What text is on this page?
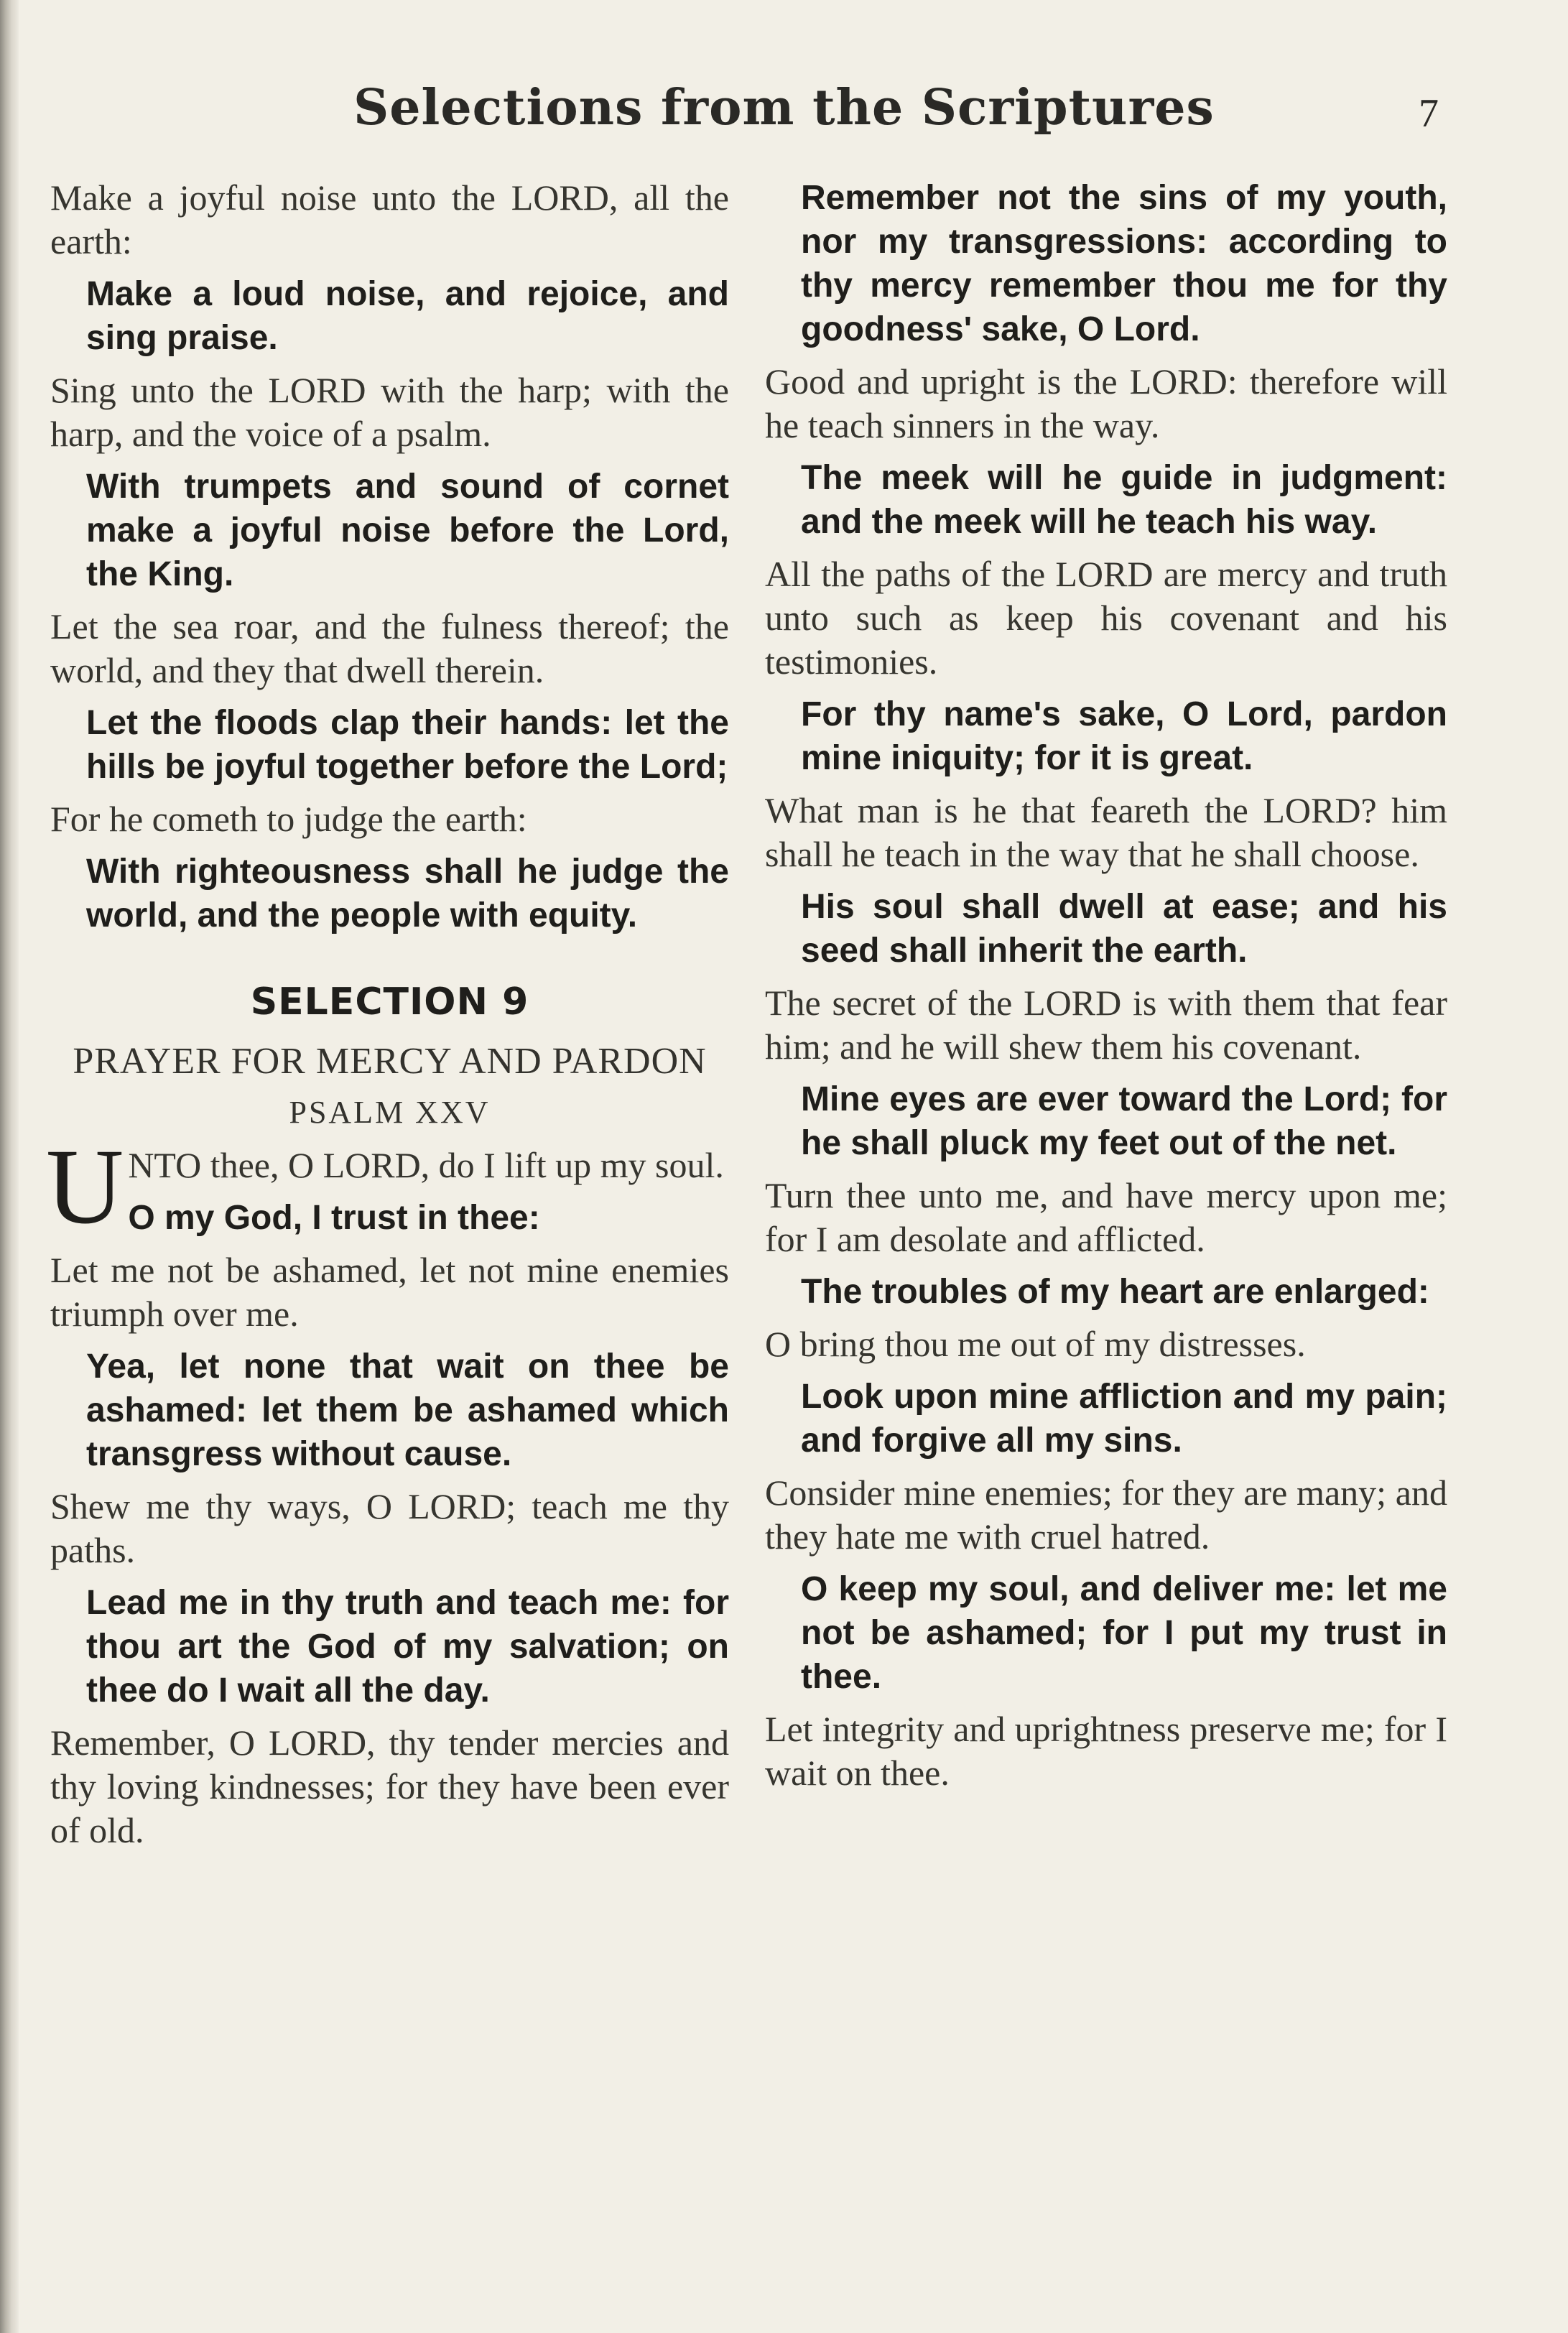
Selections from the Scriptures	7

Make a joyful noise unto the LORD, all the earth:

Make a loud noise, and rejoice, and sing praise.

Sing unto the LORD with the harp; with the harp, and the voice of a psalm.

With trumpets and sound of cornet make a joyful noise before the Lord, the King.

Let the sea roar, and the fulness thereof; the world, and they that dwell therein.

Let the floods clap their hands: let the hills be joyful together before the Lord;

For he cometh to judge the earth:

With righteousness shall he judge the world, and the people with equity.

SELECTION 9
PRAYER FOR MERCY AND PARDON
PSALM XXV

U NTO thee, O LORD, do I lift up my soul.

O my God, I trust in thee:

Let me not be ashamed, let not mine enemies triumph over me.

Yea, let none that wait on thee be ashamed: let them be ashamed which transgress without cause.

Shew me thy ways, O LORD; teach me thy paths.

Lead me in thy truth and teach me: for thou art the God of my salvation; on thee do I wait all the day.

Remember, O LORD, thy tender mercies and thy loving kindnesses; for they have been ever of old.

Remember not the sins of my youth, nor my transgressions: according to thy mercy remember thou me for thy goodness' sake, O Lord.

Good and upright is the LORD: therefore will he teach sinners in the way.

The meek will he guide in judgment: and the meek will he teach his way.

All the paths of the LORD are mercy and truth unto such as keep his covenant and his testimonies.

For thy name's sake, O Lord, pardon mine iniquity; for it is great.

What man is he that feareth the LORD? him shall he teach in the way that he shall choose.

His soul shall dwell at ease; and his seed shall inherit the earth.

The secret of the LORD is with them that fear him; and he will shew them his covenant.

Mine eyes are ever toward the Lord; for he shall pluck my feet out of the net.

Turn thee unto me, and have mercy upon me; for I am desolate and afflicted.

The troubles of my heart are enlarged:

O bring thou me out of my distresses.

Look upon mine affliction and my pain; and forgive all my sins.

Consider mine enemies; for they are many; and they hate me with cruel hatred.

O keep my soul, and deliver me: let me not be ashamed; for I put my trust in thee.

Let integrity and uprightness preserve me; for I wait on thee.
